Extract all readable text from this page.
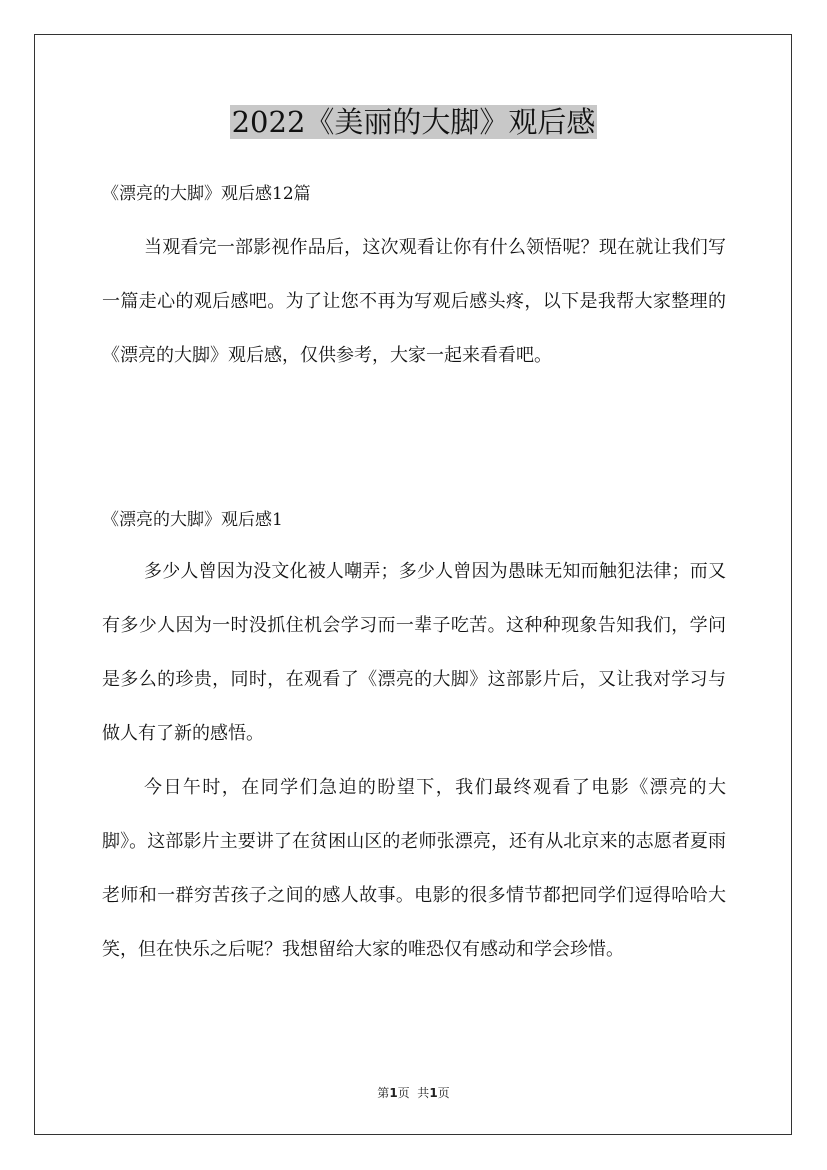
2022《美丽的大脚》观后感
《漂亮的大脚》观后感12篇

当观看完一部影视作品后，这次观看让你有什么领悟呢？现在就让我们写一篇走心的观后感吧。为了让您不再为写观后感头疼，以下是我帮大家整理的《漂亮的大脚》观后感，仅供参考，大家一起来看看吧。

《漂亮的大脚》观后感1

多少人曾因为没文化被人嘲弄；多少人曾因为愚昧无知而触犯法律；而又有多少人因为一时没抓住机会学习而一辈子吃苦。这种种现象告知我们，学问是多么的珍贵，同时，在观看了《漂亮的大脚》这部影片后，又让我对学习与做人有了新的感悟。

今日午时，在同学们急迫的盼望下，我们最终观看了电影《漂亮的大脚》。这部影片主要讲了在贫困山区的老师张漂亮，还有从北京来的志愿者夏雨老师和一群穷苦孩子之间的感人故事。电影的很多情节都把同学们逗得哈哈大笑，但在快乐之后呢？我想留给大家的唯恐仅有感动和学会珍惜。

第1页  共1页
